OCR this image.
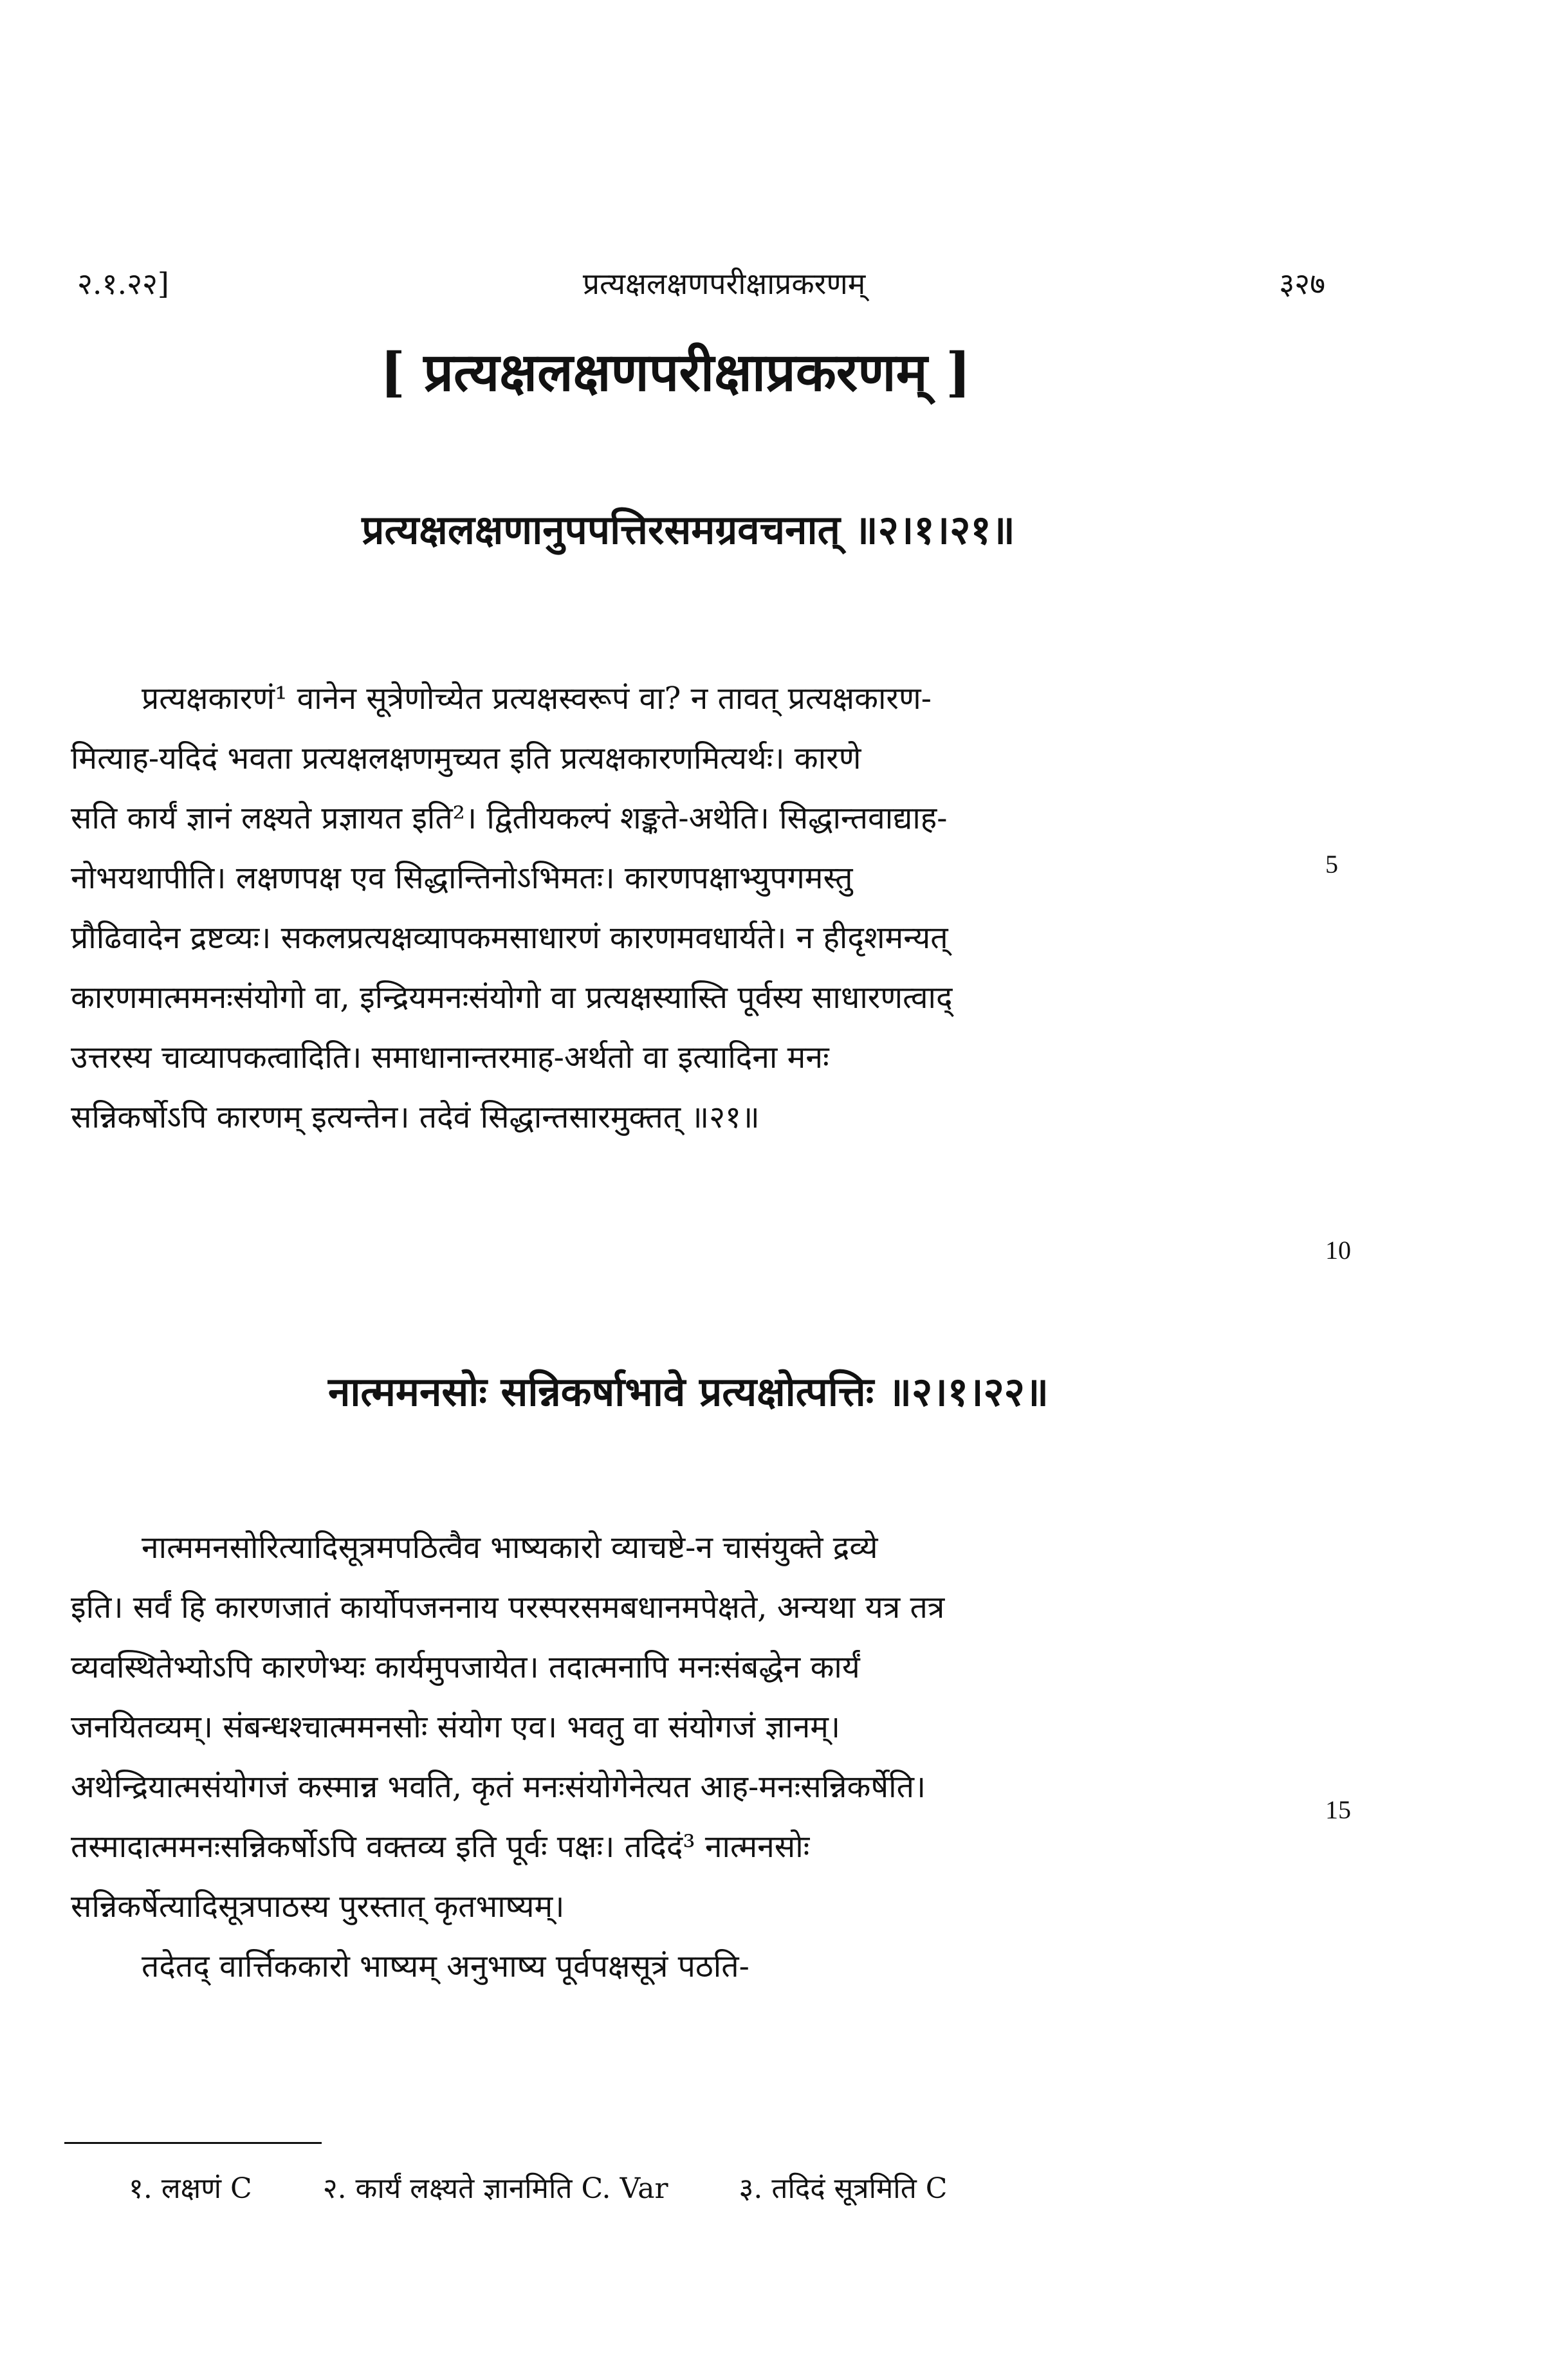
२.१.२२]	प्रत्यक्षलक्षणपरीक्षाप्रकरणम्	३२७
[ प्रत्यक्षलक्षणपरीक्षाप्रकरणम् ]
प्रत्यक्षलक्षणानुपपत्तिरसमग्रवचनात् ॥२।१।२१॥
प्रत्यक्षकारणं¹ वानेन सूत्रेणोच्येत प्रत्यक्षस्वरूपं वा? न तावत् प्रत्यक्षकारण-
मित्याह-यदिदं भवता प्रत्यक्षलक्षणमुच्यत इति प्रत्यक्षकारणमित्यर्थः। कारणे
सति कार्यं ज्ञानं लक्ष्यते प्रज्ञायत इति²। द्वितीयकल्पं शङ्कते-अथेति। सिद्धान्तवाद्याह-
नोभयथापीति। लक्षणपक्ष एव सिद्धान्तिनोऽभिमतः। कारणपक्षाभ्युपगमस्तु
प्रौढिवादेन द्रष्टव्यः। सकलप्रत्यक्षव्यापकमसाधारणं कारणमवधार्यते। न हीदृशमन्यत्
कारणमात्ममनःसंयोगो वा, इन्द्रियमनःसंयोगो वा प्रत्यक्षस्यास्ति पूर्वस्य साधारणत्वाद्
उत्तरस्य चाव्यापकत्वादिति। समाधानान्तरमाह-अर्थतो वा इत्यादिना मनः
सन्निकर्षोऽपि कारणम् इत्यन्तेन। तदेवं सिद्धान्तसारमुक्तत् ॥२१॥
5
10
नात्ममनसोः सन्निकर्षाभावे प्रत्यक्षोत्पत्तिः ॥२।१।२२॥
नात्ममनसोरित्यादिसूत्रमपठित्वैव भाष्यकारो व्याचष्टे-न चासंयुक्ते द्रव्ये
इति। सर्वं हि कारणजातं कार्योपजननाय परस्परसमबधानमपेक्षते, अन्यथा यत्र तत्र
व्यवस्थितेभ्योऽपि कारणेभ्यः कार्यमुपजायेत। तदात्मनापि मनःसंबद्धेन कार्यं
जनयितव्यम्। संबन्धश्चात्ममनसोः संयोग एव। भवतु वा संयोगजं ज्ञानम्।
अथेन्द्रियात्मसंयोगजं कस्मान्न भवति, कृतं मनःसंयोगेनेत्यत आह-मनःसन्निकर्षेति।
तस्मादात्ममनःसन्निकर्षोऽपि वक्तव्य इति पूर्वः पक्षः। तदिदं³ नात्मनसोः
सन्निकर्षेत्यादिसूत्रपाठस्य पुरस्तात् कृतभाष्यम्।
तदेतद् वार्त्तिककारो भाष्यम् अनुभाष्य पूर्वपक्षसूत्रं पठति-
15
१. लक्षणं C	२. कार्यं लक्ष्यते ज्ञानमिति C. Var	३. तदिदं सूत्रमिति C
